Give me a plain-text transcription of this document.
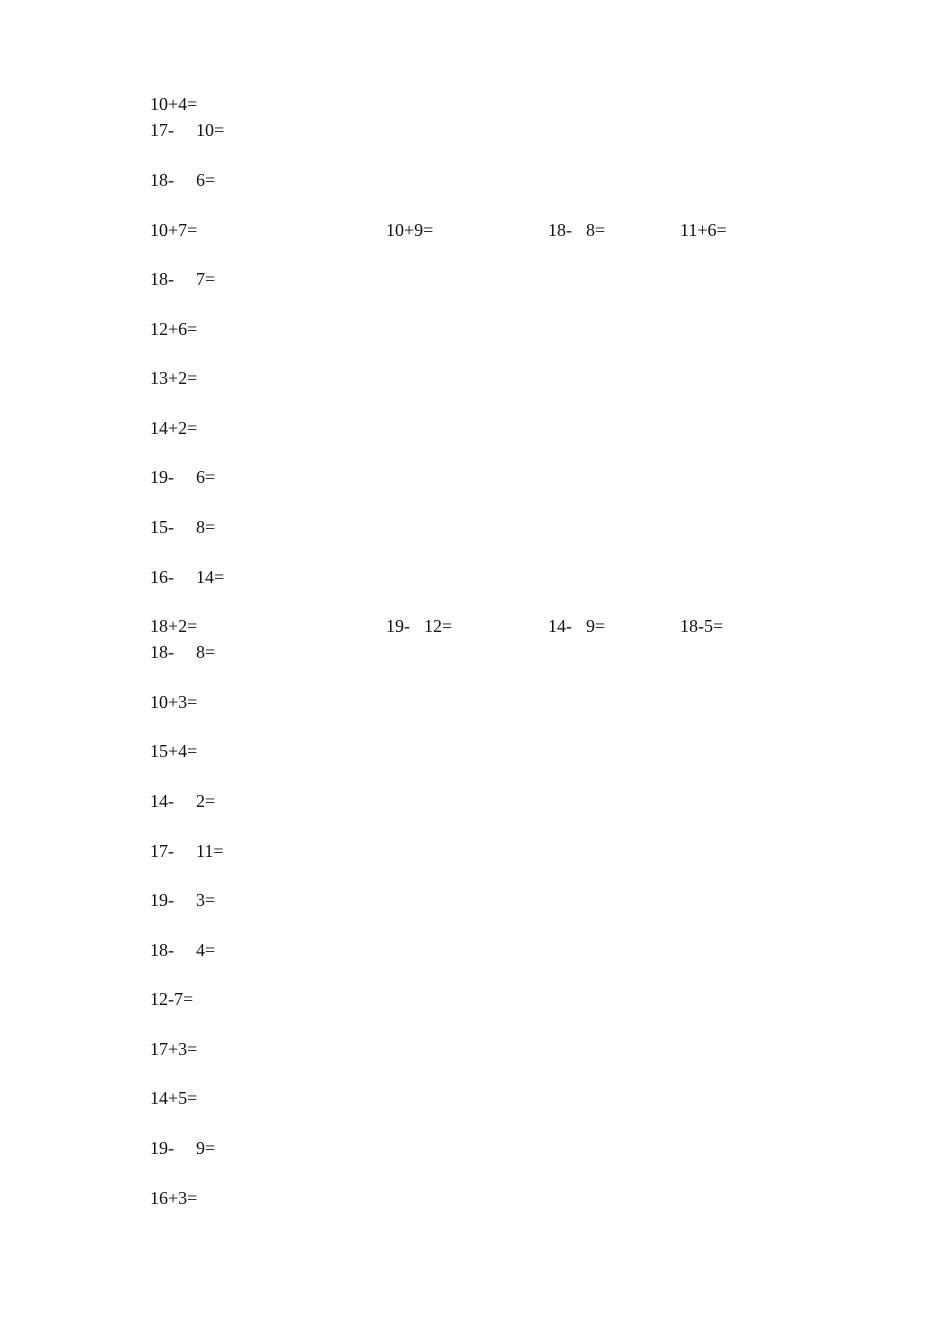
10+4=
17- 10=
18- 6=
10+7=	10+9=	18- 8=	11+6=
18- 7=
12+6=
13+2=
14+2=
19- 6=
15- 8=
16- 14=
18+2=	19- 12=	14- 9=	18-5=
18- 8=
10+3=
15+4=
14- 2=
17- 11=
19- 3=
18- 4=
12-7=
17+3=
14+5=
19- 9=
16+3=
